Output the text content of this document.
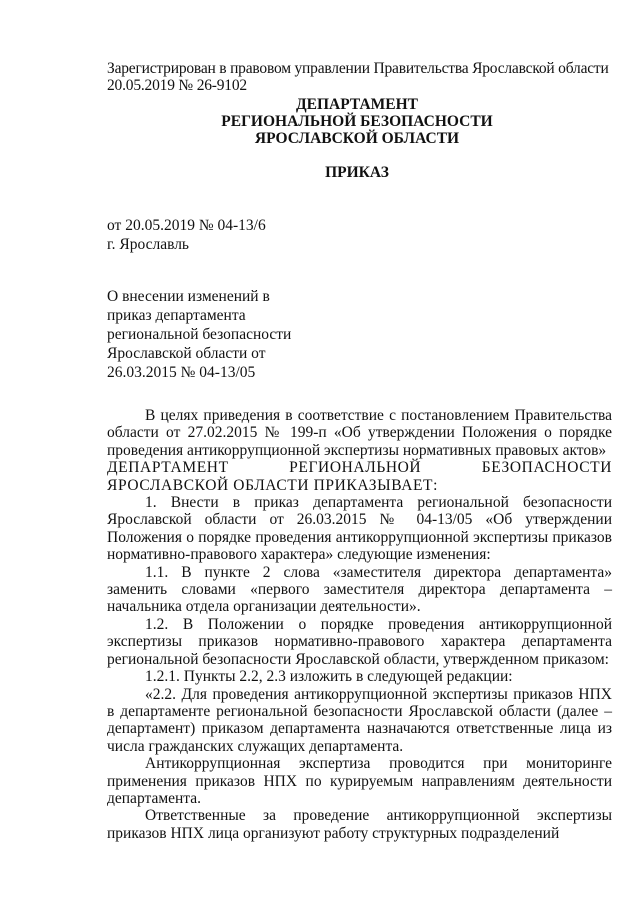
Зарегистрирован в правовом управлении Правительства Ярославской области
20.05.2019 № 26-9102
ДЕПАРТАМЕНТ
РЕГИОНАЛЬНОЙ БЕЗОПАСНОСТИ
ЯРОСЛАВСКОЙ ОБЛАСТИ
ПРИКАЗ
от 20.05.2019 № 04-13/6
г. Ярославль
О внесении изменений в
приказ департамента
региональной безопасности
Ярославской области от
26.03.2015 № 04-13/05

В целях приведения в соответствие с постановлением Правительства области от 27.02.2015 № 199-п «Об утверждении Положения о порядке проведения антикоррупционной экспертизы нормативных правовых актов»

ДЕПАРТАМЕНТ РЕГИОНАЛЬНОЙ БЕЗОПАСНОСТИ ЯРОСЛАВСКОЙ ОБЛАСТИ ПРИКАЗЫВАЕТ:

1. Внести в приказ департамента региональной безопасности Ярославской области от 26.03.2015 № 04-13/05 «Об утверждении Положения о порядке проведения антикоррупционной экспертизы приказов нормативно-правового характера» следующие изменения:

1.1. В пункте 2 слова «заместителя директора департамента» заменить словами «первого заместителя директора департамента – начальника отдела организации деятельности».

1.2. В Положении о порядке проведения антикоррупционной экспертизы приказов нормативно-правового характера департамента региональной безопасности Ярославской области, утвержденном приказом:

1.2.1. Пункты 2.2, 2.3 изложить в следующей редакции:

«2.2. Для проведения антикоррупционной экспертизы приказов НПХ в департаменте региональной безопасности Ярославской области (далее – департамент) приказом департамента назначаются ответственные лица из числа гражданских служащих департамента.

Антикоррупционная экспертиза проводится при мониторинге применения приказов НПХ по курируемым направлениям деятельности департамента.

Ответственные за проведение антикоррупционной экспертизы приказов НПХ лица организуют работу структурных подразделений
